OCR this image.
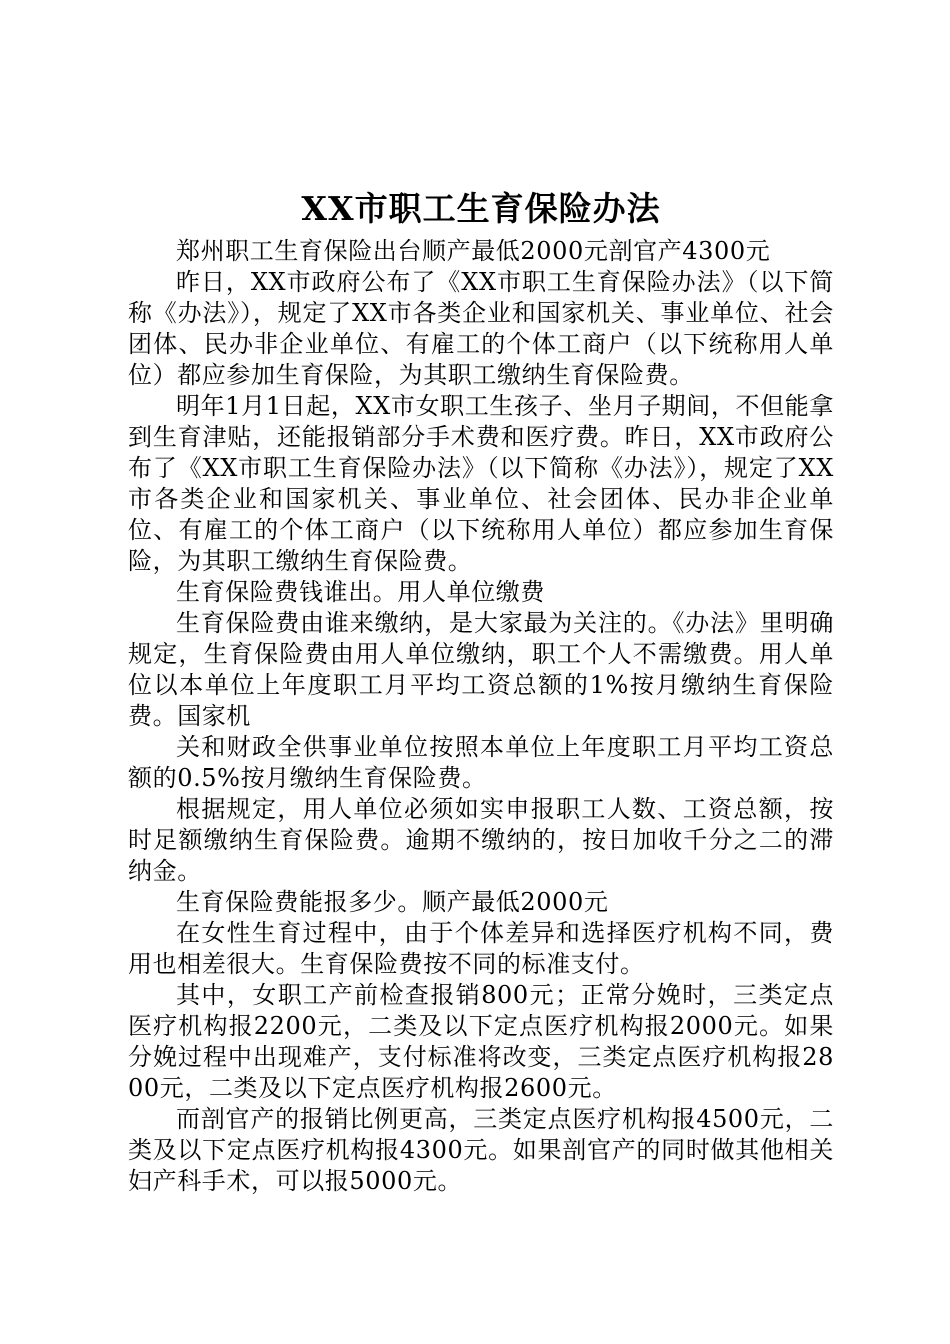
XX市职工生育保险办法

郑州职工生育保险出台顺产最低2000元剖官产4300元

昨日，XX市政府公布了《XX市职工生育保险办法》（以下简称《办法》），规定了XX市各类企业和国家机关、事业单位、社会团体、民办非企业单位、有雇工的个体工商户（以下统称用人单位）都应参加生育保险，为其职工缴纳生育保险费。

明年1月1日起，XX市女职工生孩子、坐月子期间，不但能拿到生育津贴，还能报销部分手术费和医疗费。昨日，XX市政府公布了《XX市职工生育保险办法》（以下简称《办法》），规定了XX市各类企业和国家机关、事业单位、社会团体、民办非企业单位、有雇工的个体工商户（以下统称用人单位）都应参加生育保险，为其职工缴纳生育保险费。

生育保险费钱谁出。用人单位缴费

生育保险费由谁来缴纳，是大家最为关注的。《办法》里明确规定，生育保险费由用人单位缴纳，职工个人不需缴费。用人单位以本单位上年度职工月平均工资总额的1%按月缴纳生育保险费。国家机

关和财政全供事业单位按照本单位上年度职工月平均工资总额的0.5%按月缴纳生育保险费。

根据规定，用人单位必须如实申报职工人数、工资总额，按时足额缴纳生育保险费。逾期不缴纳的，按日加收千分之二的滞纳金。

生育保险费能报多少。顺产最低2000元

在女性生育过程中，由于个体差异和选择医疗机构不同，费用也相差很大。生育保险费按不同的标准支付。

其中，女职工产前检查报销800元；正常分娩时，三类定点医疗机构报2200元，二类及以下定点医疗机构报2000元。如果分娩过程中出现难产，支付标准将改变，三类定点医疗机构报2800元，二类及以下定点医疗机构报2600元。

而剖官产的报销比例更高，三类定点医疗机构报4500元，二类及以下定点医疗机构报4300元。如果剖官产的同时做其他相关妇产科手术，可以报5000元。
